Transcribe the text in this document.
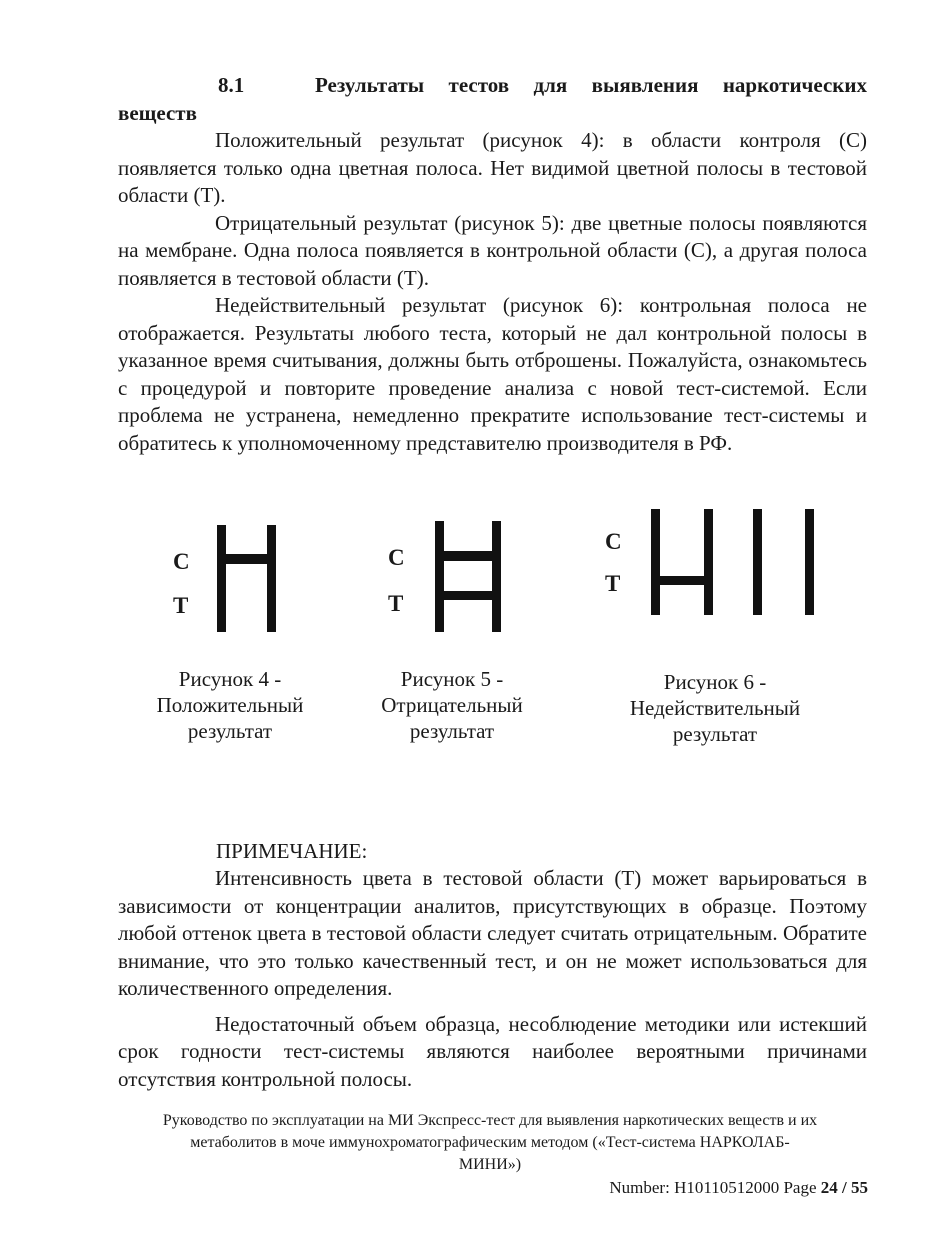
8.1	Результаты тестов для выявления наркотических веществ

Положительный результат (рисунок 4): в области контроля (C) появляется только одна цветная полоса. Нет видимой цветной полосы в тестовой области (T).

Отрицательный результат (рисунок 5): две цветные полосы появляются на мембране. Одна полоса появляется в контрольной области (C), а другая полоса появляется в тестовой области (T).

Недействительный результат (рисунок 6): контрольная полоса не отображается. Результаты любого теста, который не дал контрольной полосы в указанное время считывания, должны быть отброшены. Пожалуйста, ознакомьтесь с процедурой и повторите проведение анализа с новой тест-системой. Если проблема не устранена, немедленно прекратите использование тест-системы и обратитесь к уполномоченному представителю производителя в РФ.

C
T
Рисунок 4 -
Положительный
результат
C
T
Рисунок 5 -
Отрицательный
результат
C
T
Рисунок 6 -
Недействительный
результат
ПРИМЕЧАНИЕ:

Интенсивность цвета в тестовой области (T) может варьироваться в зависимости от концентрации аналитов, присутствующих в образце. Поэтому любой оттенок цвета в тестовой области следует считать отрицательным. Обратите внимание, что это только качественный тест, и он не может использоваться для количественного определения.

Недостаточный объем образца, несоблюдение методики или истекший срок годности тест-системы являются наиболее вероятными причинами отсутствия контрольной полосы.

Руководство по эксплуатации на МИ Экспресс-тест для выявления наркотических веществ и их
метаболитов в моче иммунохроматографическим методом («Тест-система НАРКОЛАБ-
МИНИ»)
Number: H10110512000 Page 24 / 55
